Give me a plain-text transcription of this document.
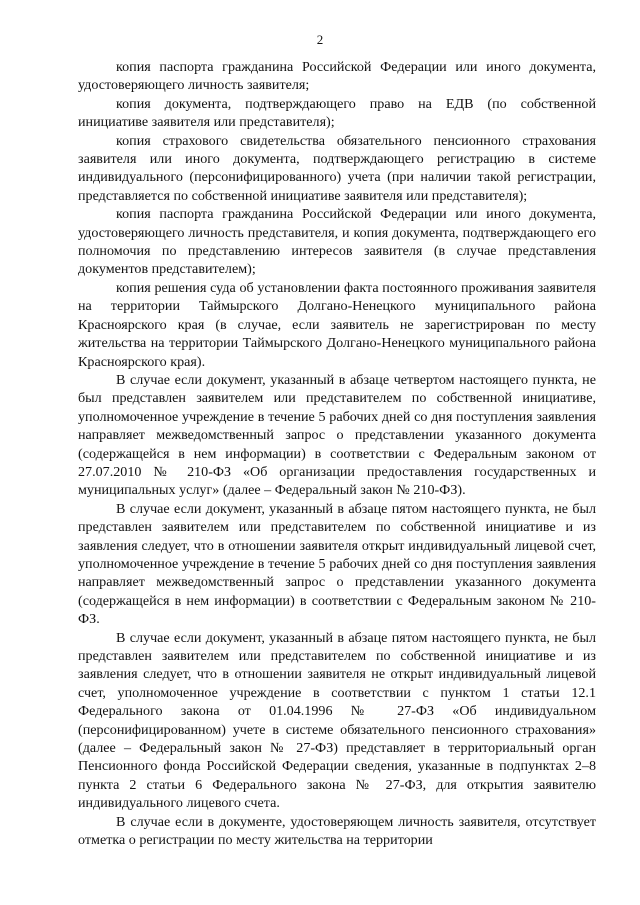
2

копия паспорта гражданина Российской Федерации или иного документа, удостоверяющего личность заявителя;

копия документа, подтверждающего право на ЕДВ (по собственной инициативе заявителя или представителя);

копия страхового свидетельства обязательного пенсионного страхования заявителя или иного документа, подтверждающего регистрацию в системе индивидуального (персонифицированного) учета (при наличии такой регистрации, представляется по собственной инициативе заявителя или представителя);

копия паспорта гражданина Российской Федерации или иного документа, удостоверяющего личность представителя, и копия документа, подтверждающего его полномочия по представлению интересов заявителя (в случае представления документов представителем);

копия решения суда об установлении факта постоянного проживания заявителя на территории Таймырского Долгано-Ненецкого муниципального района Красноярского края (в случае, если заявитель не зарегистрирован по месту жительства на территории Таймырского Долгано-Ненецкого муниципального района Красноярского края).

В случае если документ, указанный в абзаце четвертом настоящего пункта, не был представлен заявителем или представителем по собственной инициативе, уполномоченное учреждение в течение 5 рабочих дней со дня поступления заявления направляет межведомственный запрос о представлении указанного документа (содержащейся в нем информации) в соответствии с Федеральным законом от 27.07.2010 № 210-ФЗ «Об организации предоставления государственных и муниципальных услуг» (далее – Федеральный закон № 210-ФЗ).

В случае если документ, указанный в абзаце пятом настоящего пункта, не был представлен заявителем или представителем по собственной инициативе и из заявления следует, что в отношении заявителя открыт индивидуальный лицевой счет, уполномоченное учреждение в течение 5 рабочих дней со дня поступления заявления направляет межведомственный запрос о представлении указанного документа (содержащейся в нем информации) в соответствии с Федеральным законом № 210-ФЗ.

В случае если документ, указанный в абзаце пятом настоящего пункта, не был представлен заявителем или представителем по собственной инициативе и из заявления следует, что в отношении заявителя не открыт индивидуальный лицевой счет, уполномоченное учреждение в соответствии с пунктом 1 статьи 12.1 Федерального закона от 01.04.1996 № 27-ФЗ «Об индивидуальном (персонифицированном) учете в системе обязательного пенсионного страхования» (далее – Федеральный закон № 27-ФЗ) представляет в территориальный орган Пенсионного фонда Российской Федерации сведения, указанные в подпунктах 2–8 пункта 2 статьи 6 Федерального закона № 27-ФЗ, для открытия заявителю индивидуального лицевого счета.

В случае если в документе, удостоверяющем личность заявителя, отсутствует отметка о регистрации по месту жительства на территории
